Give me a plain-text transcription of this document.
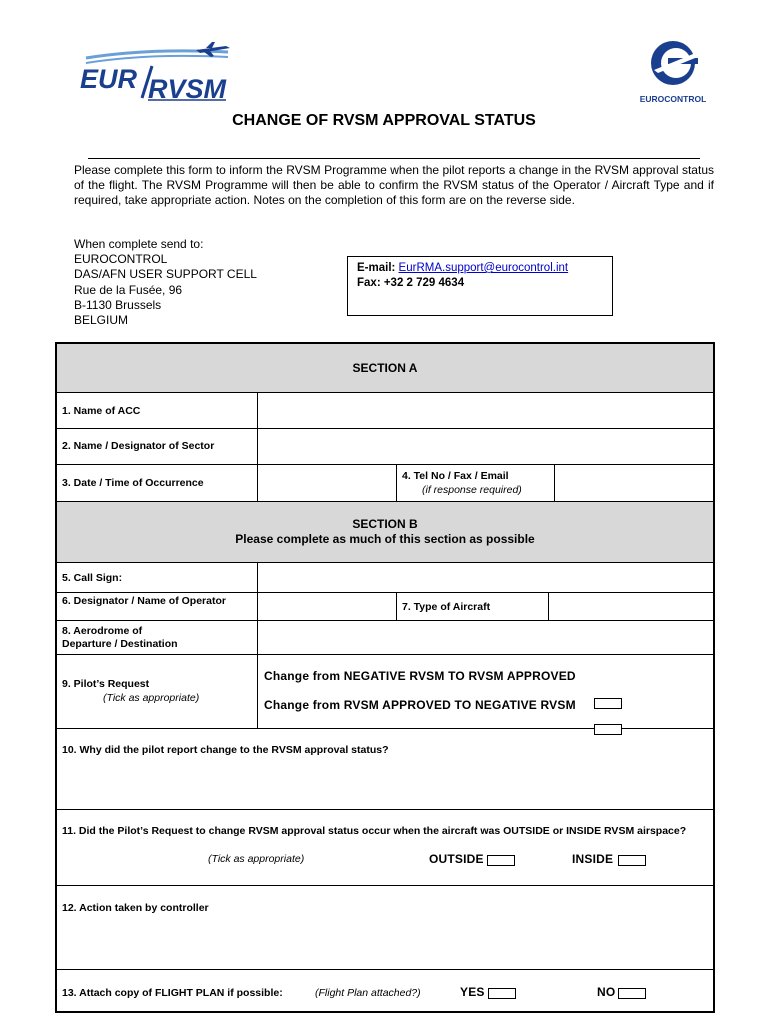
EUR RVSM	EUROCONTROL
CHANGE OF RVSM APPROVAL STATUS
Please complete this form to inform the RVSM Programme when the pilot reports a change in the RVSM approval status of the flight. The RVSM Programme will then be able to confirm the RVSM status of the Operator / Aircraft Type and if required, take appropriate action. Notes on the completion of this form are on the reverse side.
When complete send to:
EUROCONTROL
DAS/AFN USER SUPPORT CELL
Rue de la Fusée, 96
B-1130 Brussels
BELGIUM
E-mail: EurRMA.support@eurocontrol.int
Fax: +32 2 729 4634
SECTION A
1. Name of ACC
2. Name / Designator of Sector
3. Date / Time of Occurrence
4. Tel No / Fax / Email
(if response required)
SECTION B
Please complete as much of this section as possible
5. Call Sign:
6. Designator / Name of Operator	7. Type of Aircraft
8. Aerodrome of
Departure / Destination
9. Pilot’s Request
(Tick as appropriate)
Change from NEGATIVE RVSM TO RVSM APPROVED
Change from RVSM APPROVED TO NEGATIVE RVSM
10. Why did the pilot report change to the RVSM approval status?
11. Did the Pilot’s Request to change RVSM approval status occur when the aircraft was OUTSIDE or INSIDE RVSM airspace?
(Tick as appropriate)	OUTSIDE	INSIDE
12. Action taken by controller
13. Attach copy of FLIGHT PLAN if possible:	(Flight Plan attached?)	YES	NO
